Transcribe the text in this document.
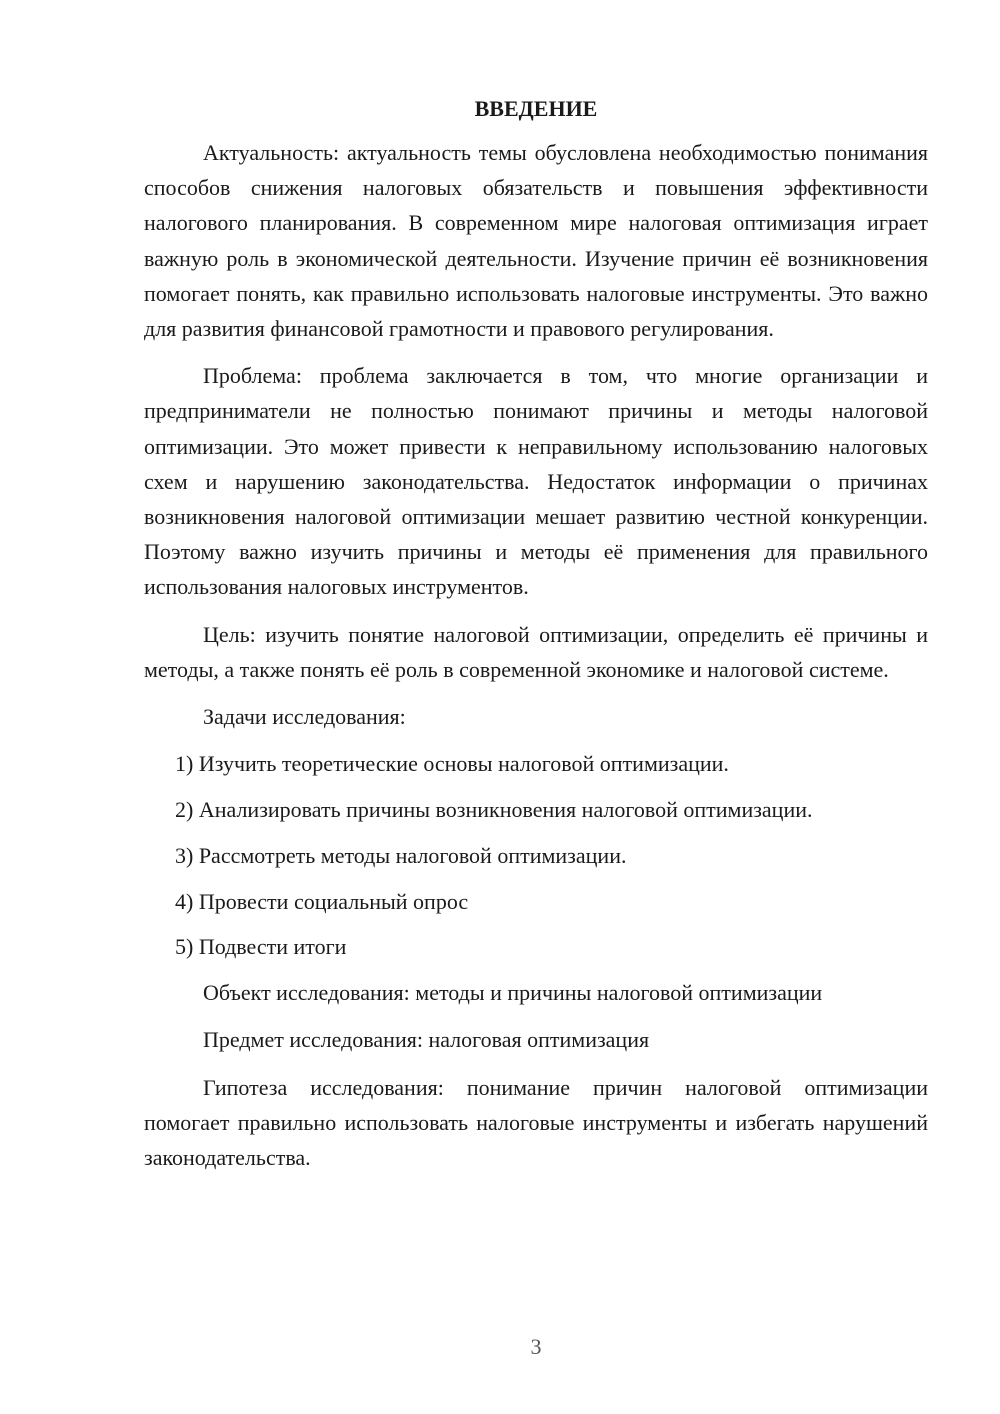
ВВЕДЕНИЕ

Актуальность: актуальность темы обусловлена необходимостью понимания способов снижения налоговых обязательств и повышения эффективности налогового планирования. В современном мире налоговая оптимизация играет важную роль в экономической деятельности. Изучение причин её возникновения помогает понять, как правильно использовать налоговые инструменты. Это важно для развития финансовой грамотности и правового регулирования.

Проблема: проблема заключается в том, что многие организации и предприниматели не полностью понимают причины и методы налоговой оптимизации. Это может привести к неправильному использованию налоговых схем и нарушению законодательства. Недостаток информации о причинах возникновения налоговой оптимизации мешает развитию честной конкуренции. Поэтому важно изучить причины и методы её применения для правильного использования налоговых инструментов.

Цель: изучить понятие налоговой оптимизации, определить её причины и методы, а также понять её роль в современной экономике и налоговой системе.

Задачи исследования:

1) Изучить теоретические основы налоговой оптимизации.
2) Анализировать причины возникновения налоговой оптимизации.
3) Рассмотреть методы налоговой оптимизации.
4) Провести социальный опрос
5) Подвести итоги

Объект исследования: методы и причины налоговой оптимизации

Предмет исследования: налоговая оптимизация

Гипотеза исследования: понимание причин налоговой оптимизации помогает правильно использовать налоговые инструменты и избегать нарушений законодательства.

3
